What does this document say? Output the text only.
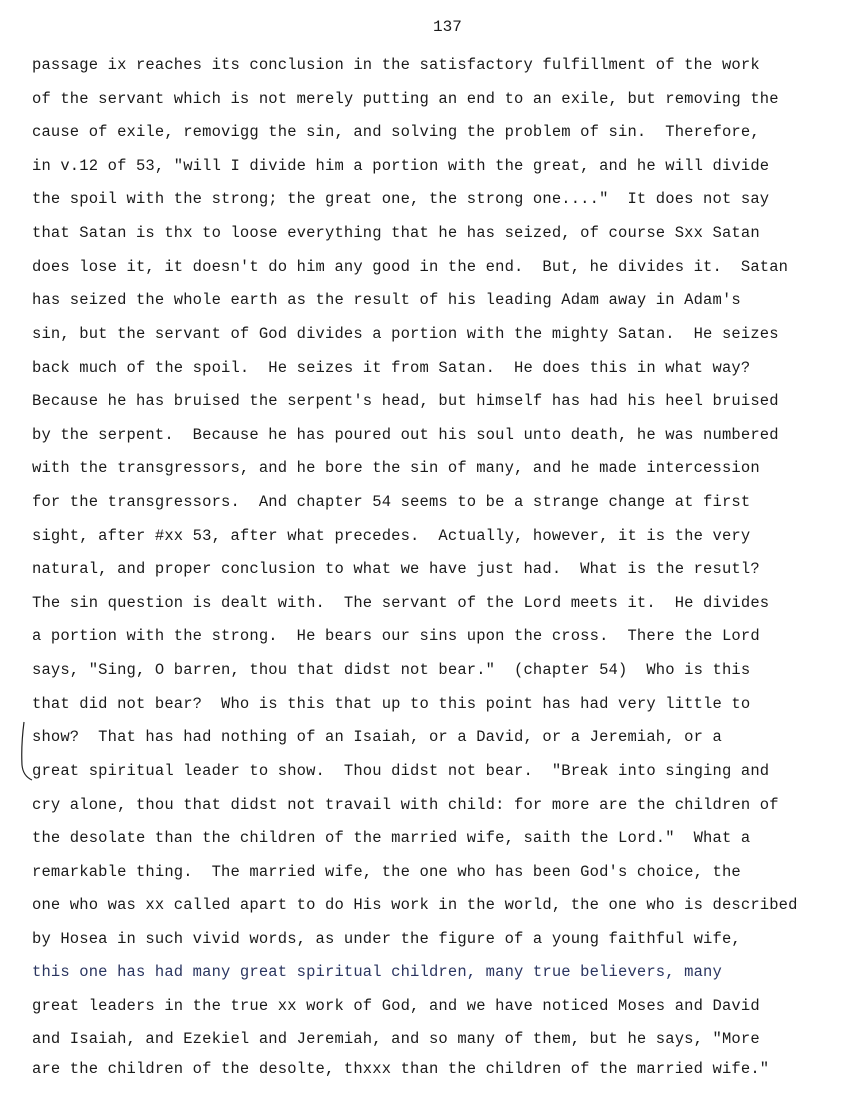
137
passage ix reaches its conclusion in the satisfactory fulfillment of the work
of the servant which is not merely putting an end to an exile, but removing the
cause of exile, removigg the sin, and solving the problem of sin.  Therefore,
in v.12 of 53, "will I divide him a portion with the great, and he will divide
the spoil with the strong; the great one, the strong one...."  It does not say
that Satan is thx to loose everything that he has seized, of course Sxx Satan
does lose it, it doesn't do him any good in the end.  But, he divides it.  Satan
has seized the whole earth as the result of his leading Adam away in Adam's
sin, but the servant of God divides a portion with the mighty Satan.  He seizes
back much of the spoil.  He seizes it from Satan.  He does this in what way?
Because he has bruised the serpent's head, but himself has had his heel bruised
by the serpent.  Because he has poured out his soul unto death, he was numbered
with the transgressors, and he bore the sin of many, and he made intercession
for the transgressors.  And chapter 54 seems to be a strange change at first
sight, after #xx 53, after what precedes.  Actually, however, it is the very
natural, and proper conclusion to what we have just had.  What is the resutl?
The sin question is dealt with.  The servant of the Lord meets it.  He divides
a portion with the strong.  He bears our sins upon the cross.  There the Lord
says, "Sing, O barren, thou that didst not bear."  (chapter 54)  Who is this
that did not bear?  Who is this that up to this point has had very little to
show?  That has had nothing of an Isaiah, or a David, or a Jeremiah, or a
great spiritual leader to show.  Thou didst not bear.  "Break into singing and
cry alone, thou that didst not travail with child: for more are the children of
the desolate than the children of the married wife, saith the Lord."  What a
remarkable thing.  The married wife, the one who has been God's choice, the
one who was xx called apart to do His work in the world, the one who is described
by Hosea in such vivid words, as under the figure of a young faithful wife,
this one has had many great spiritual children, many true believers, many
great leaders in the true xx work of God, and we have noticed Moses and David
and Isaiah, and Ezekiel and Jeremiah, and so many of them, but he says, "More
are the children of the desolte, thxxx than the children of the married wife."
